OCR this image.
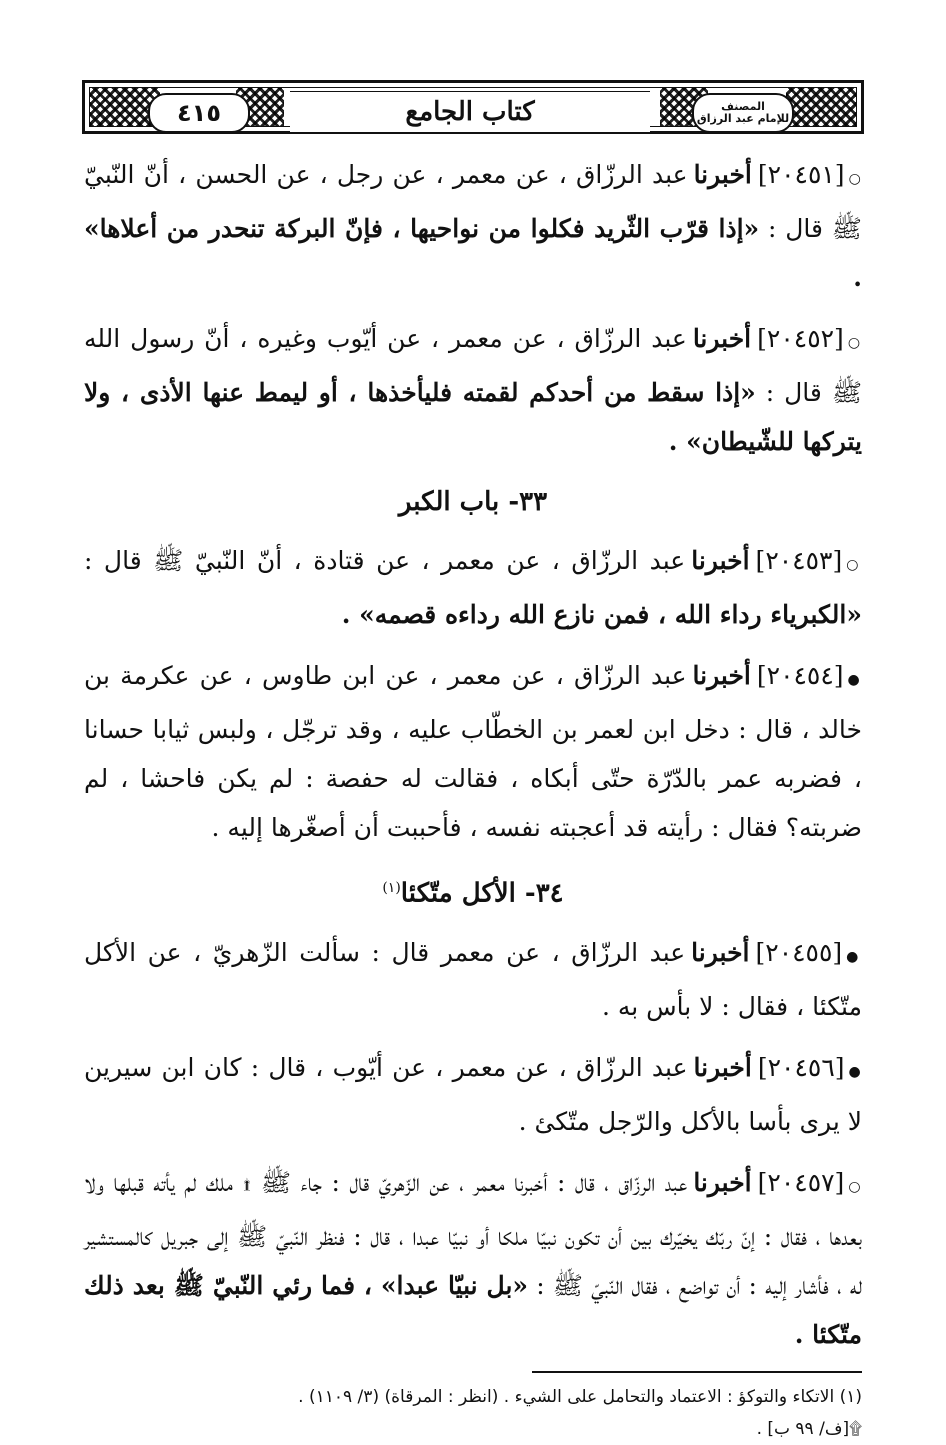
٤١٥	المصنف
للإمام عبد الرزاق
كتاب الجامع

○[٢٠٤٥١]أخبرناعبد الرزّاق ، عن معمر ، عن رجل ، عن الحسن ، أنّ النّبيّ ﷺ قال : «إذا قرّب الثّريد فكلوا من نواحيها ، فإنّ البركة تنحدر من أعلاها» .

○[٢٠٤٥٢]أخبرناعبد الرزّاق ، عن معمر ، عن أيّوب وغيره ، أنّ رسول الله ﷺ قال : «إذا سقط من أحدكم لقمته فليأخذها ، أو ليمط عنها الأذى ، ولا يتركها للشّيطان» .

٣٣- باب الكبر

○[٢٠٤٥٣]أخبرناعبد الرزّاق ، عن معمر ، عن قتادة ، أنّ النّبيّ ﷺ قال : «الكبرياء رداء الله ، فمن نازع الله رداءه قصمه» .

●[٢٠٤٥٤]أخبرناعبد الرزّاق ، عن معمر ، عن ابن طاوس ، عن عكرمة بن خالد ، قال : دخل ابن لعمر بن الخطّاب عليه ، وقد ترجّل ، ولبس ثيابا حسانا ، فضربه عمر بالدّرّة حتّى أبكاه ، فقالت له حفصة : لم يكن فاحشا ، لم ضربته؟ فقال : رأيته قد أعجبته نفسه ، فأحببت أن أصغّرها إليه .

٣٤- الأكل متّكئا$^{(١)}$

●[٢٠٤٥٥]أخبرناعبد الرزّاق ، عن معمر قال : سألت الزّهريّ ، عن الأكل متّكئا ، فقال : لا بأس به .

●[٢٠٤٥٦]أخبرناعبد الرزّاق ، عن معمر ، عن أيّوب ، قال : كان ابن سيرين لا يرى بأسا بالأكل والرّجل متّكئ .

○[٢٠٤٥٧]أخبرناعبد الرزّاق ، قال : أخبرنا معمر ، عن الزّهريّ قال : جاء ﷺ ۩ ملك لم يأته قبلها ولا بعدها ، فقال : إنّ ربّك يخيّرك بين أن تكون نبيّا ملكا أو نبيّا عبدا ، قال : فنظر النّبيّ ﷺ إلى جبريل كالمستشير له ، فأشار إليه : أن تواضع ، فقال النّبيّ ﷺ : «بل نبيّا عبدا» ، فما رئي النّبيّ ﷺ بعد ذلك متّكئا .

(١) الاتكاء والتوكؤ : الاعتماد والتحامل على الشيء . (انظر : المرقاة) (٣/ ١١٠٩) .
۩[ف/ ٩٩ ب] .
